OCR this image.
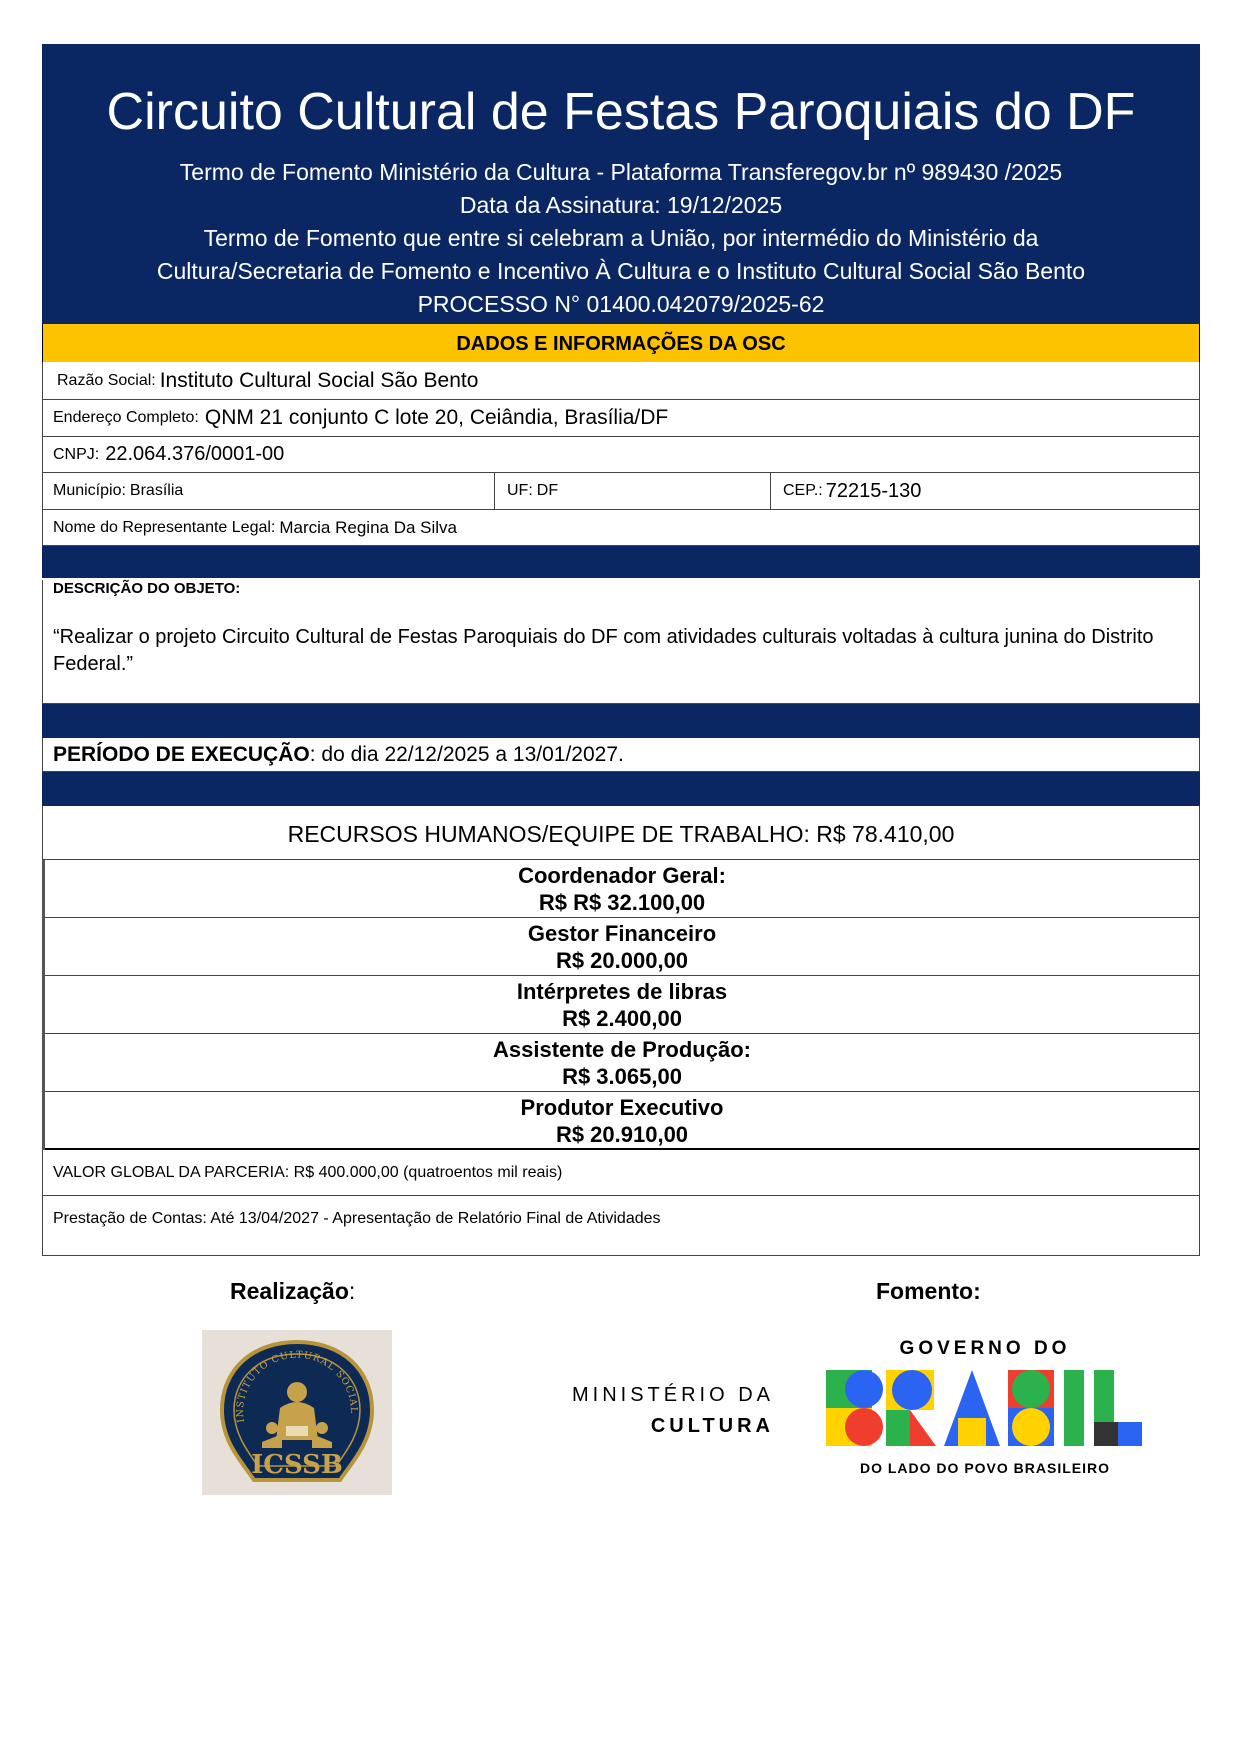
Circuito Cultural de Festas Paroquiais do DF
Termo de Fomento Ministério da Cultura - Plataforma Transferegov.br nº 989430 /2025
Data da Assinatura: 19/12/2025
Termo de Fomento que entre si celebram a União, por intermédio do Ministério da
Cultura/Secretaria de Fomento e Incentivo À Cultura e o Instituto Cultural Social São Bento
PROCESSO N° 01400.042079/2025-62
DADOS E INFORMAÇÕES DA OSC
Razão Social: Instituto Cultural Social São Bento
Endereço Completo: QNM 21 conjunto C lote 20, Ceiândia, Brasília/DF
CNPJ: 22.064.376/0001-00
Município: Brasília	UF: DF	CEP.: 72215-130
Nome do Representante Legal: Marcia Regina Da Silva
DESCRIÇÃO DO OBJETO:
“Realizar o projeto Circuito Cultural de Festas Paroquiais do DF com atividades culturais voltadas à cultura junina do Distrito Federal.”
PERÍODO DE EXECUÇÃO: do dia 22/12/2025 a 13/01/2027.
RECURSOS HUMANOS/EQUIPE DE TRABALHO: R$ 78.410,00
Coordenador Geral:
R$ R$ 32.100,00
Gestor Financeiro
R$ 20.000,00
Intérpretes de libras
R$ 2.400,00
Assistente de Produção:
R$ 3.065,00
Produtor Executivo
R$ 20.910,00
VALOR GLOBAL DA PARCERIA: R$ 400.000,00 (quatroentos mil reais)
Prestação de Contas: Até 13/04/2027 - Apresentação de Relatório Final de Atividades
Realização:	Fomento:
INSTITUTO CULTURAL SOCIAL
ICSSB
MINISTÉRIO DA
CULTURA
GOVERNO DO
DO LADO DO POVO BRASILEIRO
